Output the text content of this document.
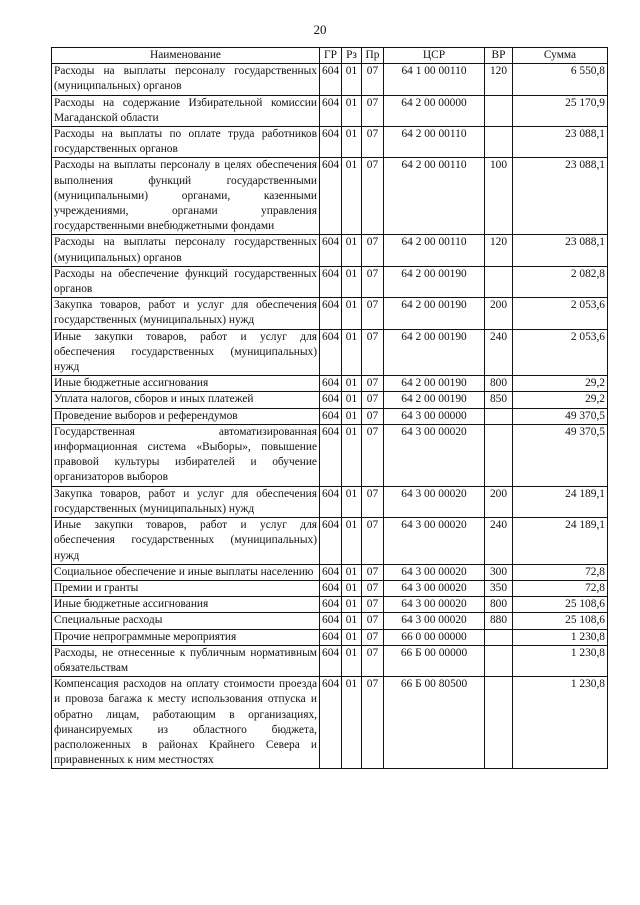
20
Наименование	ГР	Рз	Пр	ЦСР	ВР	Сумма
Расходы на выплаты персоналу государственных (муниципальных) органов	604	01	07	64 1 00 00110	120	6 550,8
Расходы на содержание Избирательной комиссии Магаданской области	604	01	07	64 2 00 00000		25 170,9
Расходы на выплаты по оплате труда работников государственных органов	604	01	07	64 2 00 00110		23 088,1
Расходы на выплаты персоналу в целях обеспечения выполнения функций государственными (муниципальными) органами, казенными учреждениями, органами управления государственными внебюджетными фондами	604	01	07	64 2 00 00110	100	23 088,1
Расходы на выплаты персоналу государственных (муниципальных) органов	604	01	07	64 2 00 00110	120	23 088,1
Расходы на обеспечение функций государственных органов	604	01	07	64 2 00 00190		2 082,8
Закупка товаров, работ и услуг для обеспечения государственных (муниципальных) нужд	604	01	07	64 2 00 00190	200	2 053,6
Иные закупки товаров, работ и услуг для обеспечения государственных (муниципальных) нужд	604	01	07	64 2 00 00190	240	2 053,6
Иные бюджетные ассигнования	604	01	07	64 2 00 00190	800	29,2
Уплата налогов, сборов и иных платежей	604	01	07	64 2 00 00190	850	29,2
Проведение выборов и референдумов	604	01	07	64 3 00 00000		49 370,5
Государственная автоматизированная информационная система «Выборы», повышение правовой культуры избирателей и обучение организаторов выборов	604	01	07	64 3 00 00020		49 370,5
Закупка товаров, работ и услуг для обеспечения государственных (муниципальных) нужд	604	01	07	64 3 00 00020	200	24 189,1
Иные закупки товаров, работ и услуг для обеспечения государственных (муниципальных) нужд	604	01	07	64 3 00 00020	240	24 189,1
Социальное обеспечение и иные выплаты населению	604	01	07	64 3 00 00020	300	72,8
Премии и гранты	604	01	07	64 3 00 00020	350	72,8
Иные бюджетные ассигнования	604	01	07	64 3 00 00020	800	25 108,6
Специальные расходы	604	01	07	64 3 00 00020	880	25 108,6
Прочие непрограммные мероприятия	604	01	07	66 0 00 00000		1 230,8
Расходы, не отнесенные к публичным нормативным обязательствам	604	01	07	66 Б 00 00000		1 230,8
Компенсация расходов на оплату стоимости проезда и провоза багажа к месту использования отпуска и обратно лицам, работающим в организациях, финансируемых из областного бюджета, расположенных в районах Крайнего Севера и приравненных к ним местностях	604	01	07	66 Б 00 80500		1 230,8
